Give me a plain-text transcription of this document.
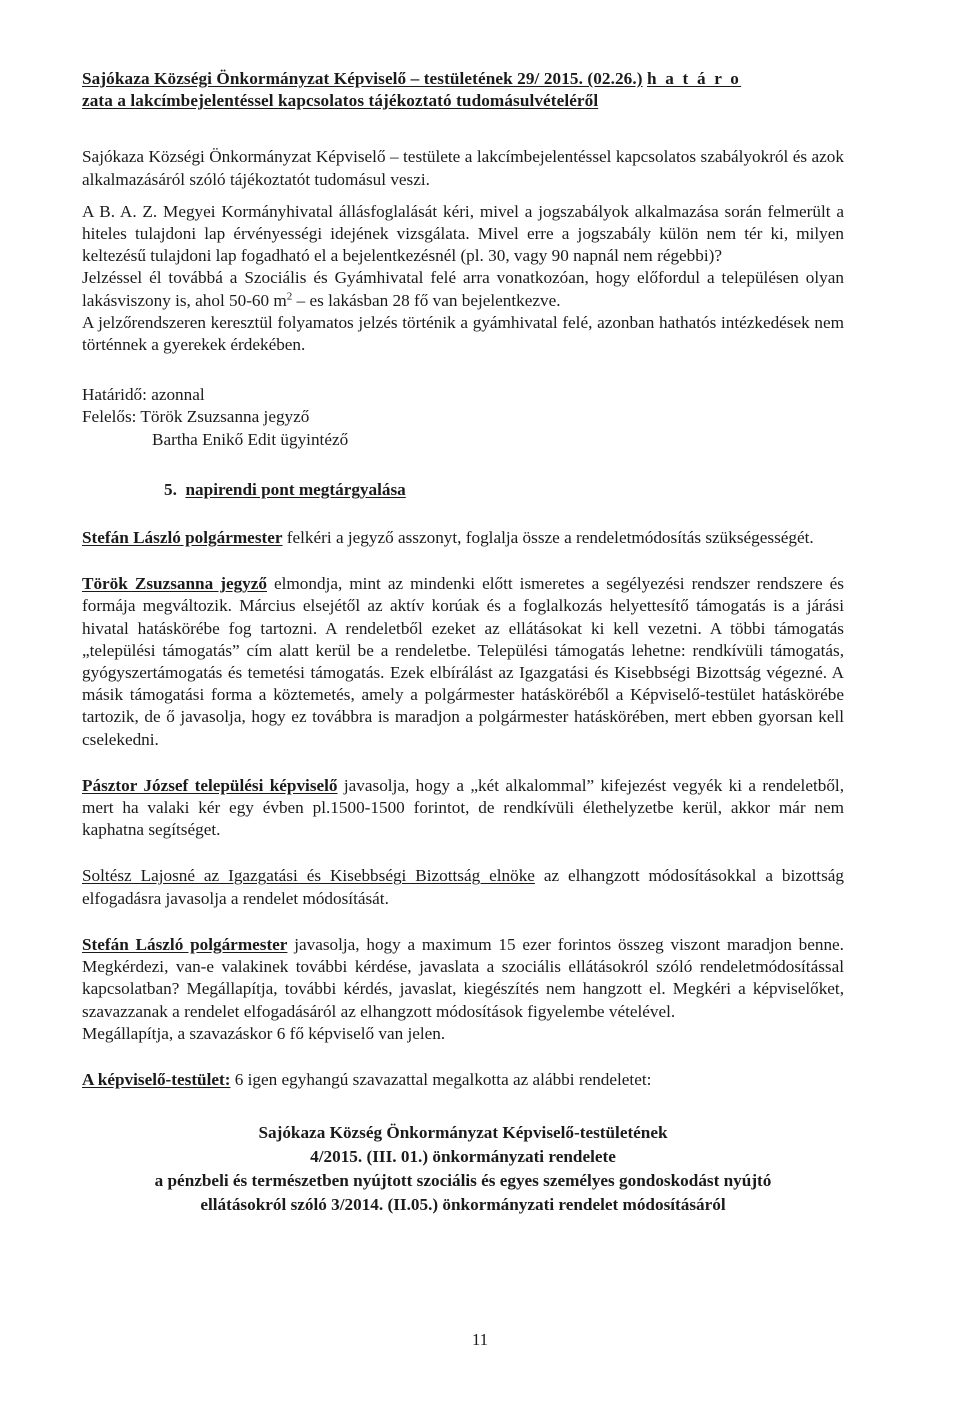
Sajókaza Községi Önkormányzat Képviselő – testületének 29/ 2015. (02.26.) h a t á r o
zata a lakcímbejelentéssel kapcsolatos tájékoztató tudomásulvételéről

Sajókaza Községi Önkormányzat Képviselő – testülete a lakcímbejelentéssel kapcsolatos szabályokról és azok alkalmazásáról szóló tájékoztatót tudomásul veszi.

A B. A. Z. Megyei Kormányhivatal állásfoglalását kéri, mivel a jogszabályok alkalmazása során felmerült a hiteles tulajdoni lap érvényességi idejének vizsgálata. Mivel erre a jogszabály külön nem tér ki, milyen keltezésű tulajdoni lap fogadható el a bejelentkezésnél (pl. 30, vagy 90 napnál nem régebbi)?

Jelzéssel él továbbá a Szociális és Gyámhivatal felé arra vonatkozóan, hogy előfordul a településen olyan lakásviszony is, ahol 50-60 $m^2$ – es lakásban 28 fő van bejelentkezve.

A jelzőrendszeren keresztül folyamatos jelzés történik a gyámhivatal felé, azonban hathatós intézkedések nem történnek a gyerekek érdekében.

Határidő: azonnal

Felelős: Török Zsuzsanna jegyző

Bartha Enikő Edit ügyintéző

5. napirendi pont megtárgyalása

Stefán László polgármester felkéri a jegyző asszonyt, foglalja össze a rendeletmódosítás szükségességét.

Török Zsuzsanna jegyző elmondja, mint az mindenki előtt ismeretes a segélyezési rendszer rendszere és formája megváltozik. Március elsejétől az aktív korúak és a foglalkozás helyettesítő támogatás is a járási hivatal hatáskörébe fog tartozni. A rendeletből ezeket az ellátásokat ki kell vezetni. A többi támogatás „települési támogatás” cím alatt kerül be a rendeletbe. Települési támogatás lehetne: rendkívüli támogatás, gyógyszertámogatás és temetési támogatás. Ezek elbírálást az Igazgatási és Kisebbségi Bizottság végezné. A másik támogatási forma a köztemetés, amely a polgármester hatásköréből a Képviselő-testület hatáskörébe tartozik, de ő javasolja, hogy ez továbbra is maradjon a polgármester hatáskörében, mert ebben gyorsan kell cselekedni.

Pásztor József települési képviselő javasolja, hogy a „két alkalommal” kifejezést vegyék ki a rendeletből, mert ha valaki kér egy évben pl.1500-1500 forintot, de rendkívüli élethelyzetbe kerül, akkor már nem kaphatna segítséget.

Soltész Lajosné az Igazgatási és Kisebbségi Bizottság elnöke az elhangzott módosításokkal a bizottság elfogadásra javasolja a rendelet módosítását.

Stefán László polgármester javasolja, hogy a maximum 15 ezer forintos összeg viszont maradjon benne. Megkérdezi, van-e valakinek további kérdése, javaslata a szociális ellátásokról szóló rendeletmódosítással kapcsolatban? Megállapítja, további kérdés, javaslat, kiegészítés nem hangzott el. Megkéri a képviselőket, szavazzanak a rendelet elfogadásáról az elhangzott módosítások figyelembe vételével.

Megállapítja, a szavazáskor 6 fő képviselő van jelen.

A képviselő-testület: 6 igen egyhangú szavazattal megalkotta az alábbi rendeletet:

Sajókaza Község Önkormányzat Képviselő-testületének
4/2015. (III. 01.) önkormányzati rendelete
a pénzbeli és természetben nyújtott szociális és egyes személyes gondoskodást nyújtó
ellátásokról szóló 3/2014. (II.05.) önkormányzati rendelet módosításáról
11
